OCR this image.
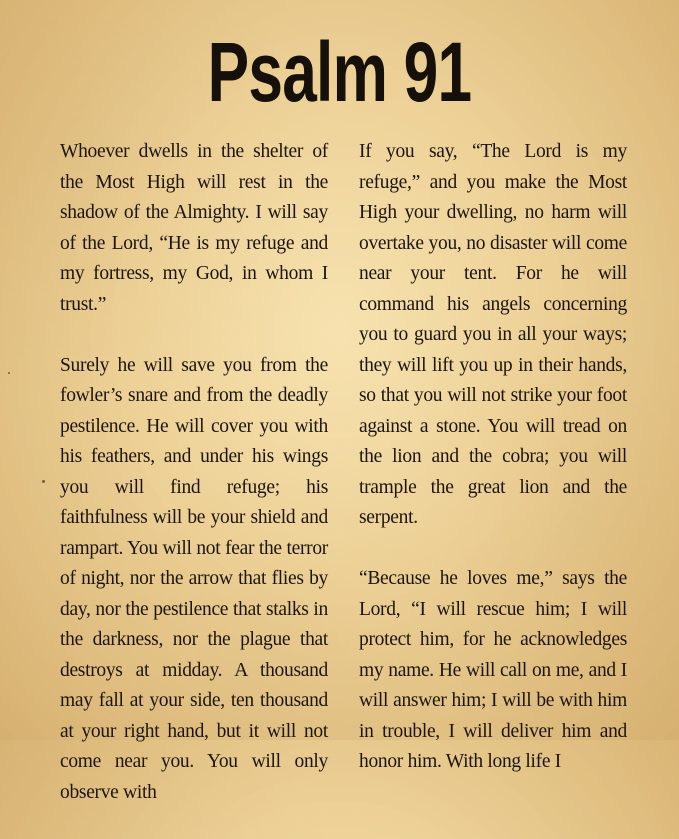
Psalm 91

Whoever dwells in the shelter of the Most High will rest in the shadow of the Almighty. I will say of the Lord, “He is my refuge and my fortress, my God, in whom I trust.”

Surely he will save you from the fowler’s snare and from the deadly pestilence. He will cover you with his feathers, and under his wings you will find refuge; his faithfulness will be your shield and rampart. You will not fear the terror of night, nor the arrow that flies by day, nor the pestilence that stalks in the darkness, nor the plague that destroys at midday. A thousand may fall at your side, ten thousand at your right hand, but it will not come near you. You will only observe with

If you say, “The Lord is my refuge,” and you make the Most High your dwelling, no harm will overtake you, no disaster will come near your tent. For he will command his angels concerning you to guard you in all your ways; they will lift you up in their hands, so that you will not strike your foot against a stone. You will tread on the lion and the cobra; you will trample the great lion and the serpent.

“Because he loves me,” says the Lord, “I will rescue him; I will protect him, for he acknowledges my name. He will call on me, and I will answer him; I will be with him in trouble, I will deliver him and honor him. With long life I
